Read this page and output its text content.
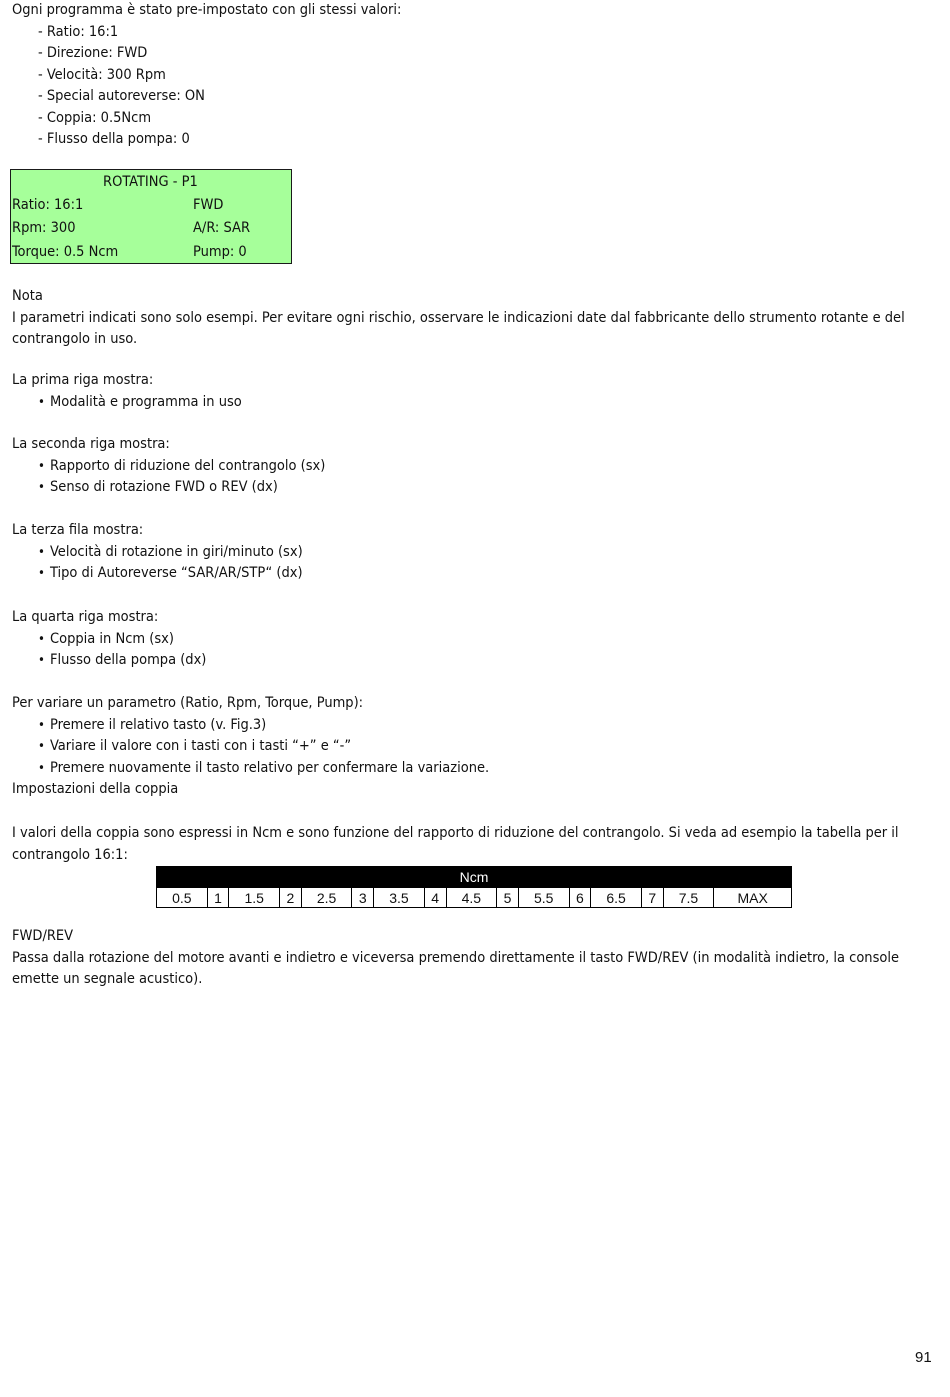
Ogni programma è stato pre-impostato con gli stessi valori:

- Ratio: 16:1
- Direzione: FWD
- Velocità: 300 Rpm
- Special autoreverse: ON
- Coppia: 0.5Ncm
- Flusso della pompa: 0
ROTATING - P1
Ratio: 16:1	FWD
Rpm: 300	A/R: SAR
Torque: 0.5 Ncm	Pump: 0

Nota

I parametri indicati sono solo esempi. Per evitare ogni rischio, osservare le indicazioni date dal fabbricante dello strumento rotante e del contrangolo in uso.

La prima riga mostra:

• Modalità e programma in uso

La seconda riga mostra:

• Rapporto di riduzione del contrangolo (sx)
• Senso di rotazione FWD o REV (dx)

La terza fila mostra:

• Velocità di rotazione in giri/minuto (sx)
• Tipo di Autoreverse “SAR/AR/STP“ (dx)

La quarta riga mostra:

• Coppia in Ncm (sx)
• Flusso della pompa (dx)

Per variare un parametro (Ratio, Rpm, Torque, Pump):

• Premere il relativo tasto (v. Fig.3)
• Variare il valore con i tasti con i tasti “+” e “-”
• Premere nuovamente il tasto relativo per confermare la variazione.

Impostazioni della coppia

I valori della coppia sono espressi in Ncm e sono funzione del rapporto di riduzione del contrangolo. Si veda ad esempio la tabella per il contrangolo 16:1:

Ncm
0.5	1	1.5	2	2.5	3	3.5	4	4.5	5	5.5	6	6.5	7	7.5	MAX

FWD/REV

Passa dalla rotazione del motore avanti e indietro e viceversa premendo direttamente il tasto FWD/REV (in modalità indietro, la console emette un segnale acustico).

91
